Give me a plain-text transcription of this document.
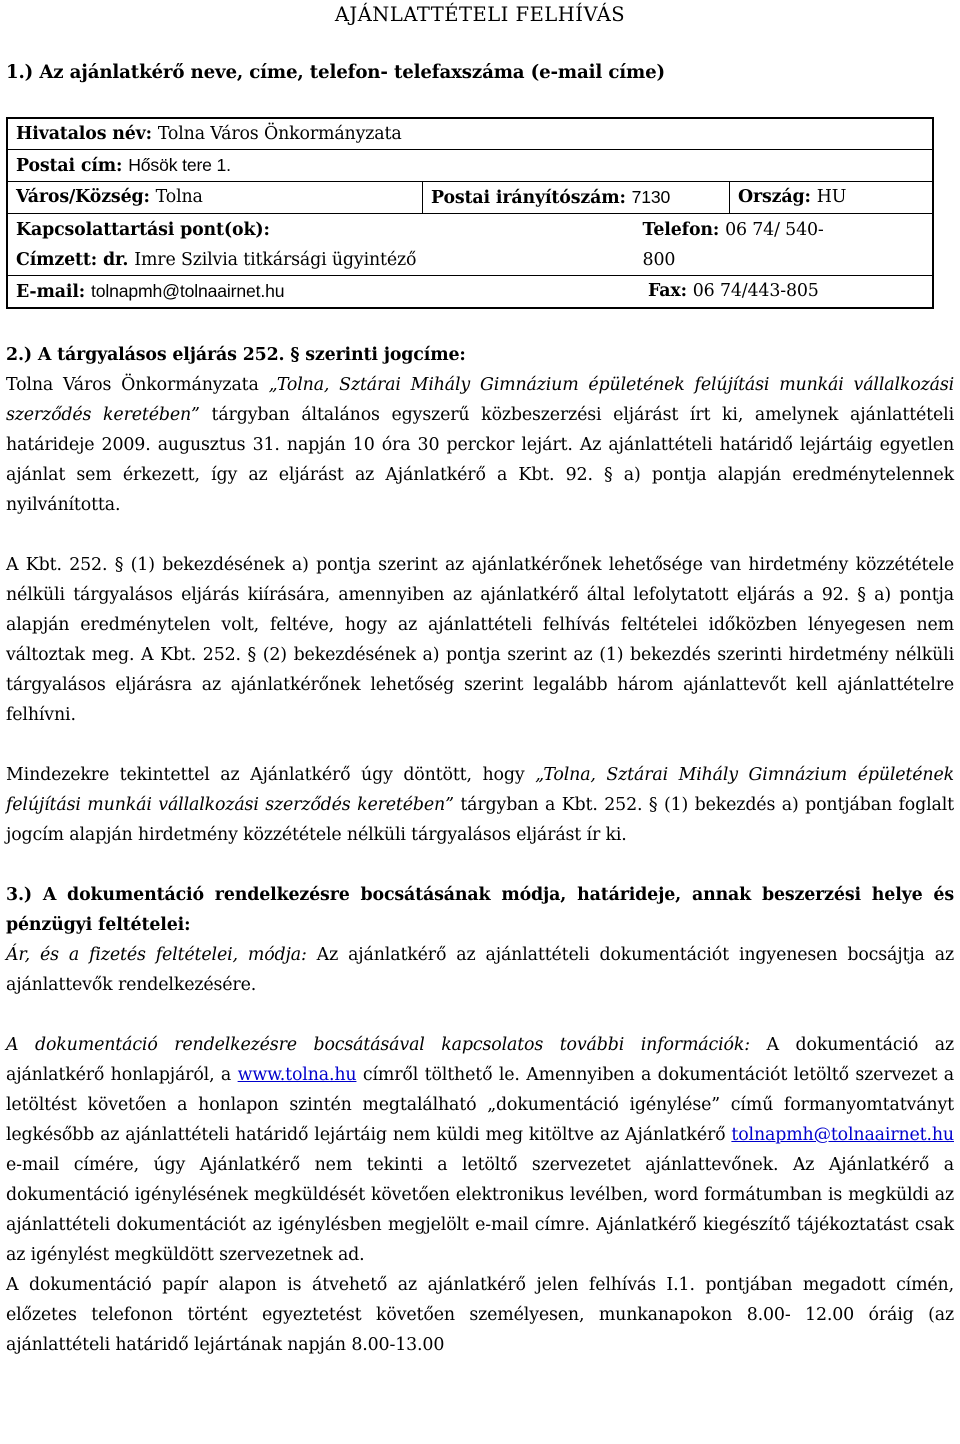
AJÁNLATTÉTELI FELHÍVÁS
1.) Az ajánlatkérő neve, címe, telefon- telefaxszáma (e-mail címe)
Hivatalos név: Tolna Város Önkormányzata
Postai cím: Hősök tere 1.
Város/Község: Tolna	Postai irányítószám: 7130	Ország: HU
Kapcsolattartási pont(ok):
Címzett: dr. Imre Szilvia titkársági ügyintéző
Telefon: 06 74/ 540-
800
E-mail: tolnapmh@tolnaairnet.hu	Fax: 06 74/443-805

2.) A tárgyalásos eljárás 252. § szerinti jogcíme:

Tolna Város Önkormányzata „Tolna, Sztárai Mihály Gimnázium épületének felújítási munkái vállalkozási szerződés keretében” tárgyban általános egyszerű közbeszerzési eljárást írt ki, amelynek ajánlattételi határideje 2009. augusztus 31. napján 10 óra 30 perckor lejárt. Az ajánlattételi határidő lejártáig egyetlen ajánlat sem érkezett, így az eljárást az Ajánlatkérő a Kbt. 92. § a) pontja alapján eredménytelennek nyilvánította.

A Kbt. 252. § (1) bekezdésének a) pontja szerint az ajánlatkérőnek lehetősége van hirdetmény közzététele nélküli tárgyalásos eljárás kiírására, amennyiben az ajánlatkérő által lefolytatott eljárás a 92. § a) pontja alapján eredménytelen volt, feltéve, hogy az ajánlattételi felhívás feltételei időközben lényegesen nem változtak meg. A Kbt. 252. § (2) bekezdésének a) pontja szerint az (1) bekezdés szerinti hirdetmény nélküli tárgyalásos eljárásra az ajánlatkérőnek lehetőség szerint legalább három ajánlattevőt kell ajánlattételre felhívni.

Mindezekre tekintettel az Ajánlatkérő úgy döntött, hogy „Tolna, Sztárai Mihály Gimnázium épületének felújítási munkái vállalkozási szerződés keretében” tárgyban a Kbt. 252. § (1) bekezdés a) pontjában foglalt jogcím alapján hirdetmény közzététele nélküli tárgyalásos eljárást ír ki.

3.) A dokumentáció rendelkezésre bocsátásának módja, határideje, annak beszerzési helye és pénzügyi feltételei:

Ár, és a fizetés feltételei, módja: Az ajánlatkérő az ajánlattételi dokumentációt ingyenesen bocsájtja az ajánlattevők rendelkezésére.

A dokumentáció rendelkezésre bocsátásával kapcsolatos további információk: A dokumentáció az ajánlatkérő honlapjáról, a www.tolna.hu címről tölthető le. Amennyiben a dokumentációt letöltő szervezet a letöltést követően a honlapon szintén megtalálható „dokumentáció igénylése” című formanyomtatványt legkésőbb az ajánlattételi határidő lejártáig nem küldi meg kitöltve az Ajánlatkérő tolnapmh@tolnaairnet.hu e-mail címére, úgy Ajánlatkérő nem tekinti a letöltő szervezetet ajánlattevőnek. Az Ajánlatkérő a dokumentáció igénylésének megküldését követően elektronikus levélben, word formátumban is megküldi az ajánlattételi dokumentációt az igénylésben megjelölt e-mail címre. Ajánlatkérő kiegészítő tájékoztatást csak az igénylést megküldött szervezetnek ad.

A dokumentáció papír alapon is átvehető az ajánlatkérő jelen felhívás I.1. pontjában megadott címén, előzetes telefonon történt egyeztetést követően személyesen, munkanapokon 8.00- 12.00 óráig (az ajánlattételi határidő lejártának napján 8.00-13.00
